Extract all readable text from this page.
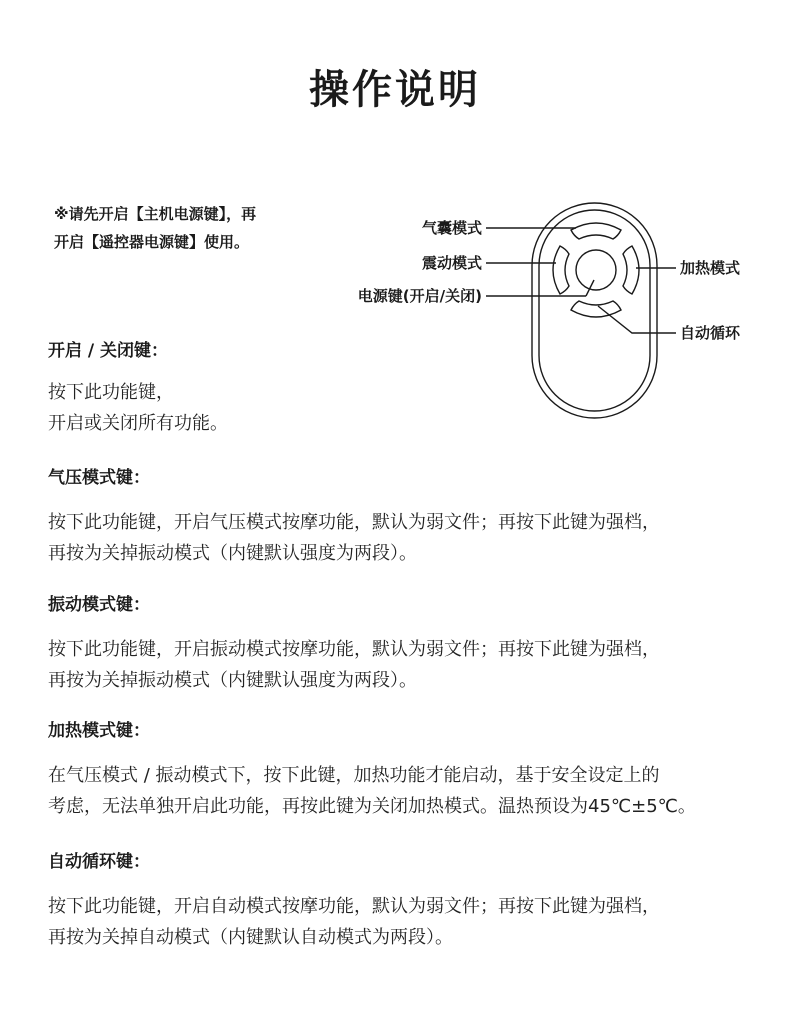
操作说明
※请先开启【主机电源键】，再
开启【遥控器电源键】使用。
气囊模式
震动模式
电源键(开启/关闭)
加热模式
自动循环
开启 / 关闭键：
按下此功能键，
开启或关闭所有功能。
气压模式键：
按下此功能键，开启气压模式按摩功能，默认为弱文件；再按下此键为强档，
再按为关掉振动模式（内键默认强度为两段）。
振动模式键：
按下此功能键，开启振动模式按摩功能，默认为弱文件；再按下此键为强档，
再按为关掉振动模式（内键默认强度为两段）。
加热模式键：
在气压模式 / 振动模式下，按下此键，加热功能才能启动，基于安全设定上的
考虑，无法单独开启此功能，再按此键为关闭加热模式。温热预设为45℃±5℃。
自动循环键：
按下此功能键，开启自动模式按摩功能，默认为弱文件；再按下此键为强档，
再按为关掉自动模式（内键默认自动模式为两段）。
